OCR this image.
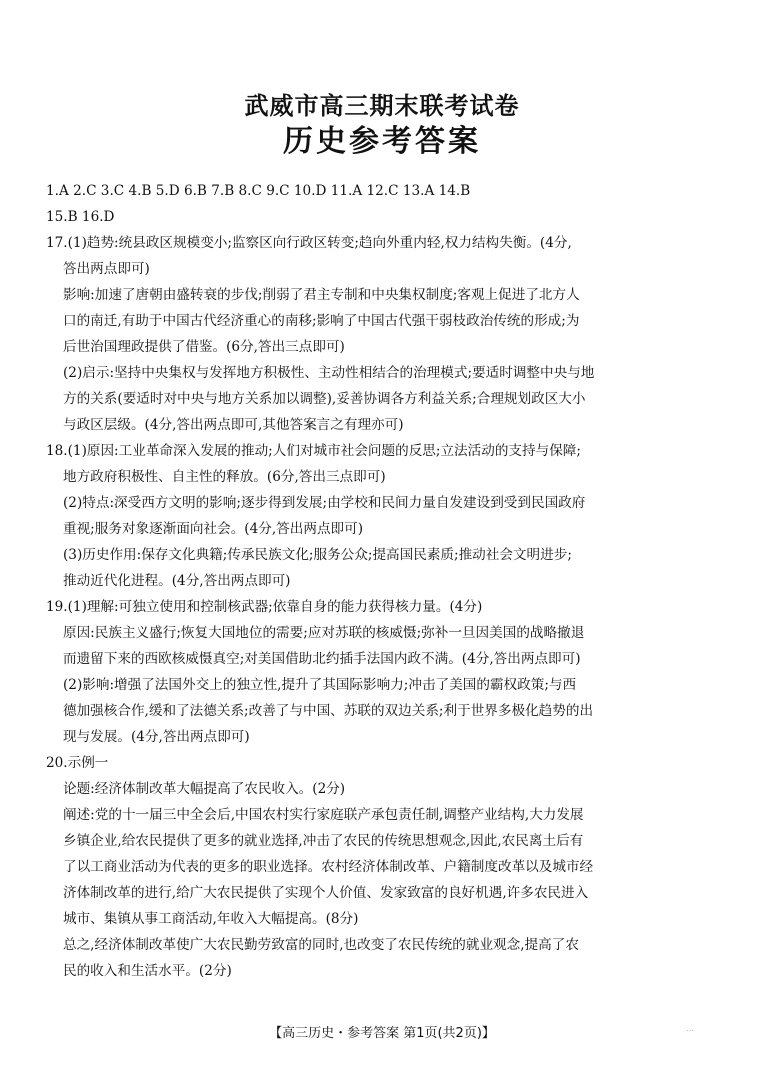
武威市高三期末联考试卷
历史参考答案
1.A 2.C 3.C 4.B 5.D 6.B 7.B 8.C 9.C 10.D 11.A 12.C 13.A 14.B
15.B 16.D
17.(1)趋势:统县政区规模变小;监察区向行政区转变;趋向外重内轻,权力结构失衡。(4分,
答出两点即可)
影响:加速了唐朝由盛转衰的步伐;削弱了君主专制和中央集权制度;客观上促进了北方人
口的南迁,有助于中国古代经济重心的南移;影响了中国古代强干弱枝政治传统的形成;为
后世治国理政提供了借鉴。(6分,答出三点即可)
(2)启示:坚持中央集权与发挥地方积极性、主动性相结合的治理模式;要适时调整中央与地
方的关系(要适时对中央与地方关系加以调整),妥善协调各方利益关系;合理规划政区大小
与政区层级。(4分,答出两点即可,其他答案言之有理亦可)
18.(1)原因:工业革命深入发展的推动;人们对城市社会问题的反思;立法活动的支持与保障;
地方政府积极性、自主性的释放。(6分,答出三点即可)
(2)特点:深受西方文明的影响;逐步得到发展;由学校和民间力量自发建设到受到民国政府
重视;服务对象逐渐面向社会。(4分,答出两点即可)
(3)历史作用:保存文化典籍;传承民族文化;服务公众;提高国民素质;推动社会文明进步;
推动近代化进程。(4分,答出两点即可)
19.(1)理解:可独立使用和控制核武器;依靠自身的能力获得核力量。(4分)
原因:民族主义盛行;恢复大国地位的需要;应对苏联的核威慑;弥补一旦因美国的战略撤退
而遗留下来的西欧核威慑真空;对美国借助北约插手法国内政不满。(4分,答出两点即可)
(2)影响:增强了法国外交上的独立性,提升了其国际影响力;冲击了美国的霸权政策;与西
德加强核合作,缓和了法德关系;改善了与中国、苏联的双边关系;利于世界多极化趋势的出
现与发展。(4分,答出两点即可)
20.示例一
论题:经济体制改革大幅提高了农民收入。(2分)
阐述:党的十一届三中全会后,中国农村实行家庭联产承包责任制,调整产业结构,大力发展
乡镇企业,给农民提供了更多的就业选择,冲击了农民的传统思想观念,因此,农民离土后有
了以工商业活动为代表的更多的职业选择。农村经济体制改革、户籍制度改革以及城市经
济体制改革的进行,给广大农民提供了实现个人价值、发家致富的良好机遇,许多农民进入
城市、集镇从事工商活动,年收入大幅提高。(8分)
总之,经济体制改革使广大农民勤劳致富的同时,也改变了农民传统的就业观念,提高了农
民的收入和生活水平。(2分)
【高三历史・参考答案 第1页(共2页)】	...
